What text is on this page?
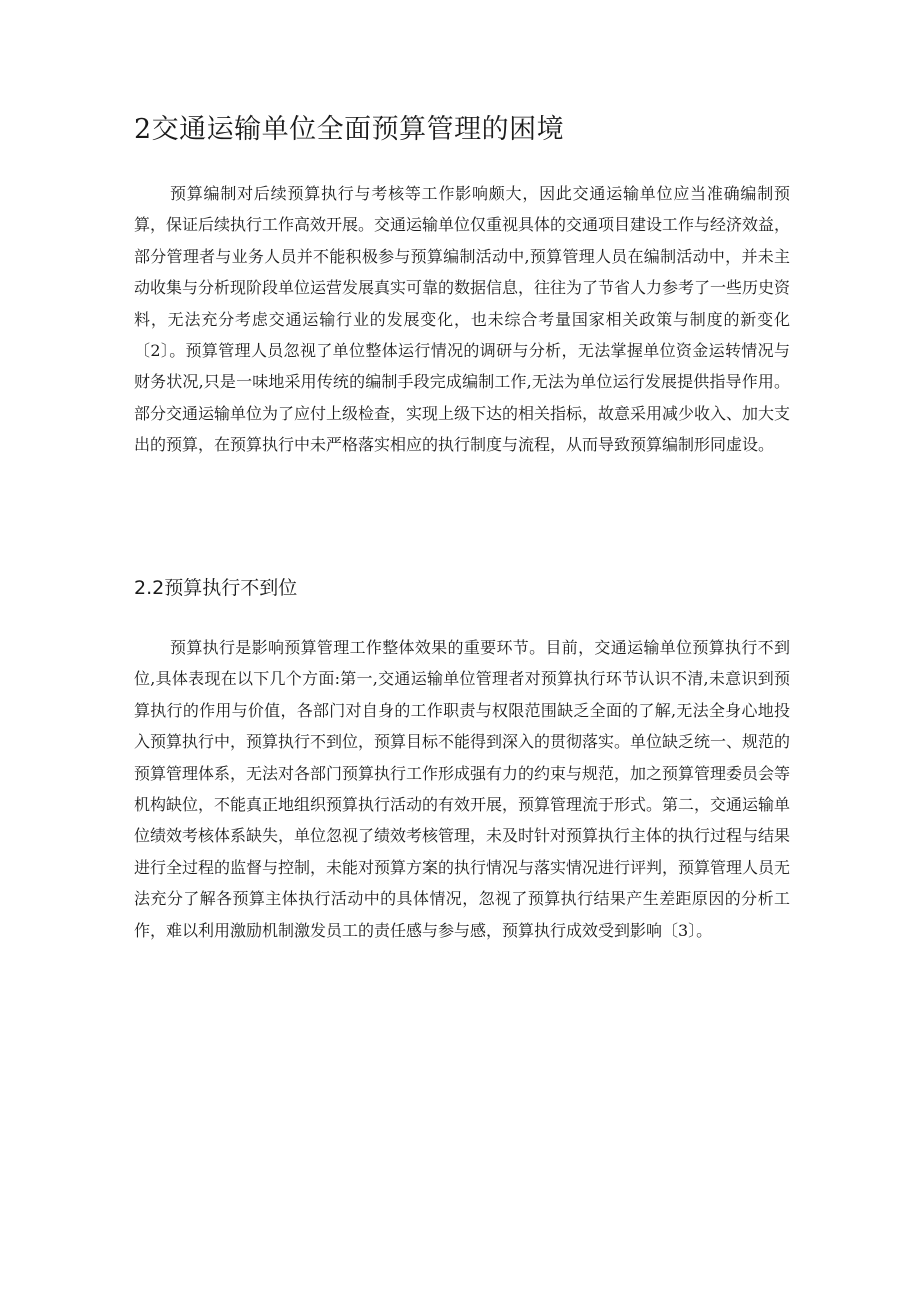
2交通运输单位全面预算管理的困境

预算编制对后续预算执行与考核等工作影响颇大，因此交通运输单位应当准确编制预算，保证后续执行工作高效开展。交通运输单位仅重视具体的交通项目建设工作与经济效益，部分管理者与业务人员并不能积极参与预算编制活动中,预算管理人员在编制活动中，并未主动收集与分析现阶段单位运营发展真实可靠的数据信息，往往为了节省人力参考了一些历史资料，无法充分考虑交通运输行业的发展变化，也未综合考量国家相关政策与制度的新变化〔2〕。预算管理人员忽视了单位整体运行情况的调研与分析，无法掌握单位资金运转情况与财务状况,只是一味地采用传统的编制手段完成编制工作,无法为单位运行发展提供指导作用。部分交通运输单位为了应付上级检查，实现上级下达的相关指标，故意采用减少收入、加大支出的预算，在预算执行中未严格落实相应的执行制度与流程，从而导致预算编制形同虚设。

2.2预算执行不到位

预算执行是影响预算管理工作整体效果的重要环节。目前，交通运输单位预算执行不到位,具体表现在以下几个方面:第一,交通运输单位管理者对预算执行环节认识不清,未意识到预算执行的作用与价值，各部门对自身的工作职责与权限范围缺乏全面的了解,无法全身心地投入预算执行中，预算执行不到位，预算目标不能得到深入的贯彻落实。单位缺乏统一、规范的预算管理体系，无法对各部门预算执行工作形成强有力的约束与规范，加之预算管理委员会等机构缺位，不能真正地组织预算执行活动的有效开展，预算管理流于形式。第二，交通运输单位绩效考核体系缺失，单位忽视了绩效考核管理，未及时针对预算执行主体的执行过程与结果进行全过程的监督与控制，未能对预算方案的执行情况与落实情况进行评判，预算管理人员无法充分了解各预算主体执行活动中的具体情况，忽视了预算执行结果产生差距原因的分析工作，难以利用激励机制激发员工的责任感与参与感，预算执行成效受到影响〔3〕。
